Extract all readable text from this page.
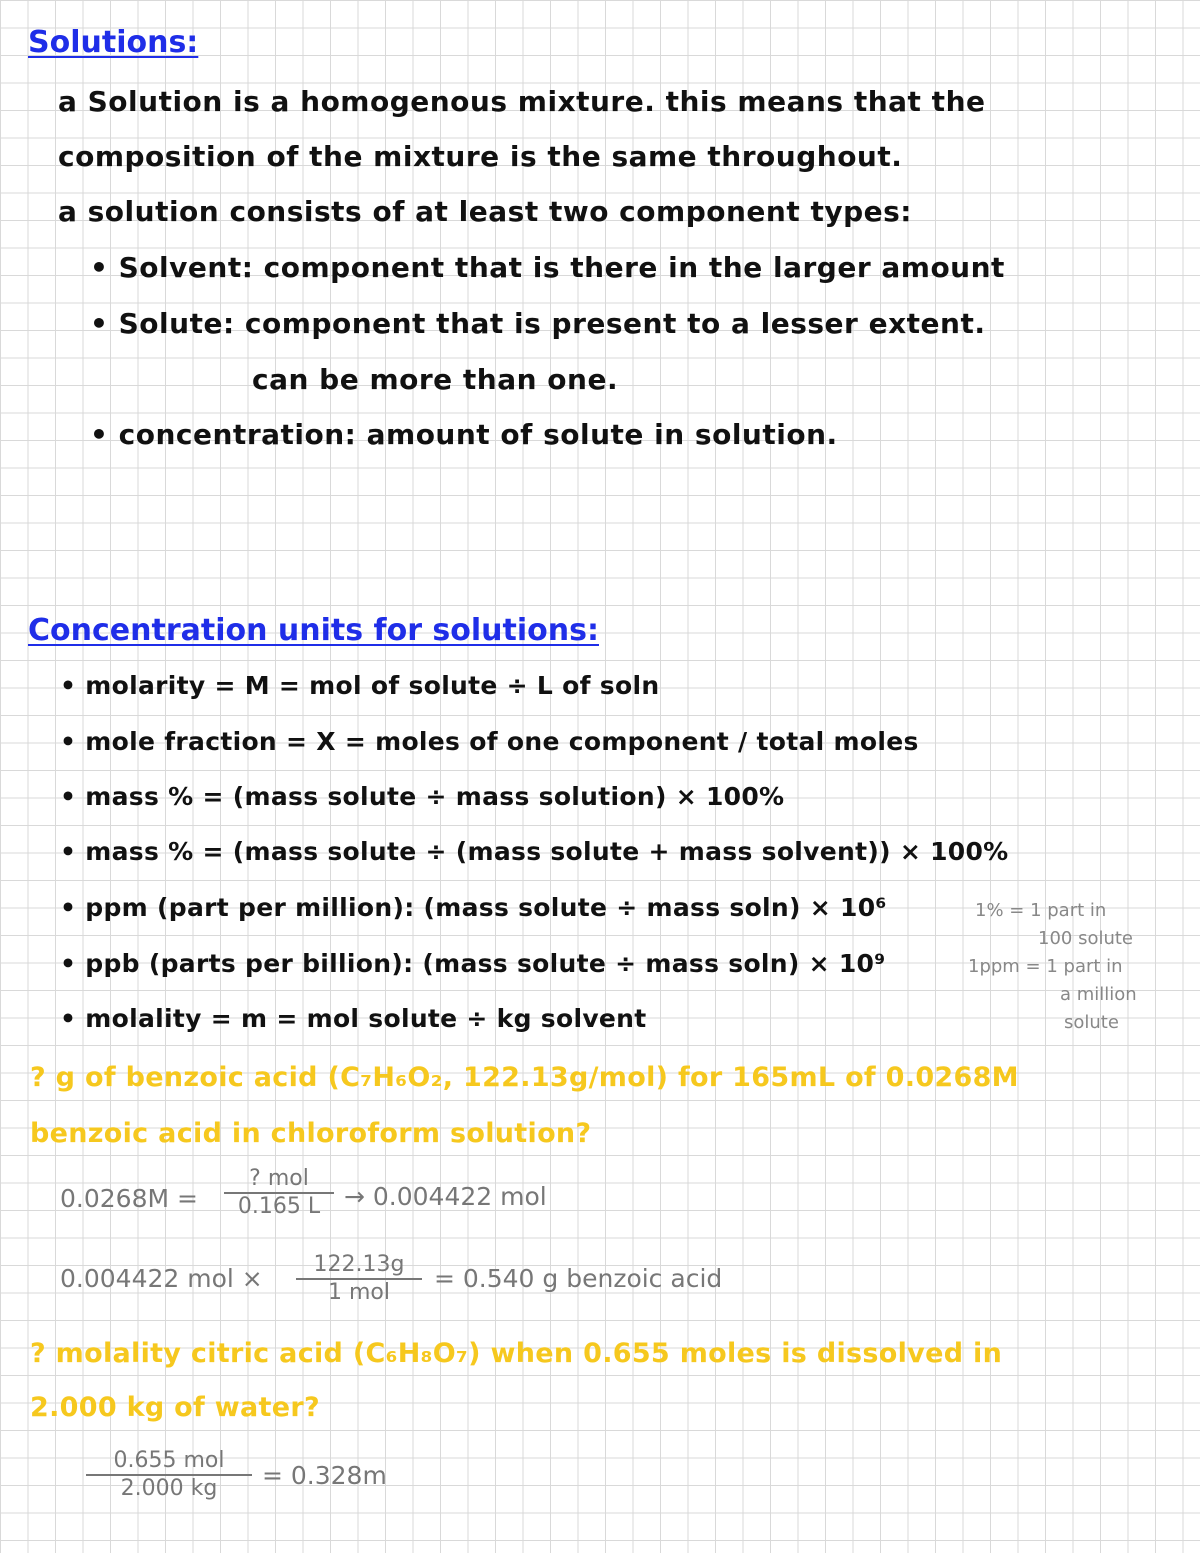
Solutions:
a Solution is a homogenous mixture. this means that the
composition of the mixture is the same throughout.
a solution consists of at least two component types:
• Solvent: component that is there in the larger amount
• Solute: component that is present to a lesser extent.
can be more than one.
• concentration: amount of solute in solution.
Concentration units for solutions:
• molarity = M = mol of solute ÷ L of soln
• mole fraction = X = moles of one component / total moles
• mass % = (mass solute ÷ mass solution) × 100%
• mass % = (mass solute ÷ (mass solute + mass solvent)) × 100%
• ppm (part per million): (mass solute ÷ mass soln) × 10⁶
• ppb (parts per billion): (mass solute ÷ mass soln) × 10⁹
• molality = m = mol solute ÷ kg solvent
1% = 1 part in
100 solute
1ppm = 1 part in
a million
solute
? g of benzoic acid (C₇H₆O₂, 122.13g/mol) for 165mL of 0.0268M
benzoic acid in chloroform solution?
0.0268M =
? mol
0.165 L → 0.004422 mol
0.004422 mol ×	122.13g
1 mol	= 0.540 g benzoic acid
? molality citric acid (C₆H₈O₇) when 0.655 moles is dissolved in
2.000 kg of water?
0.655 mol
2.000 kg	= 0.328m
